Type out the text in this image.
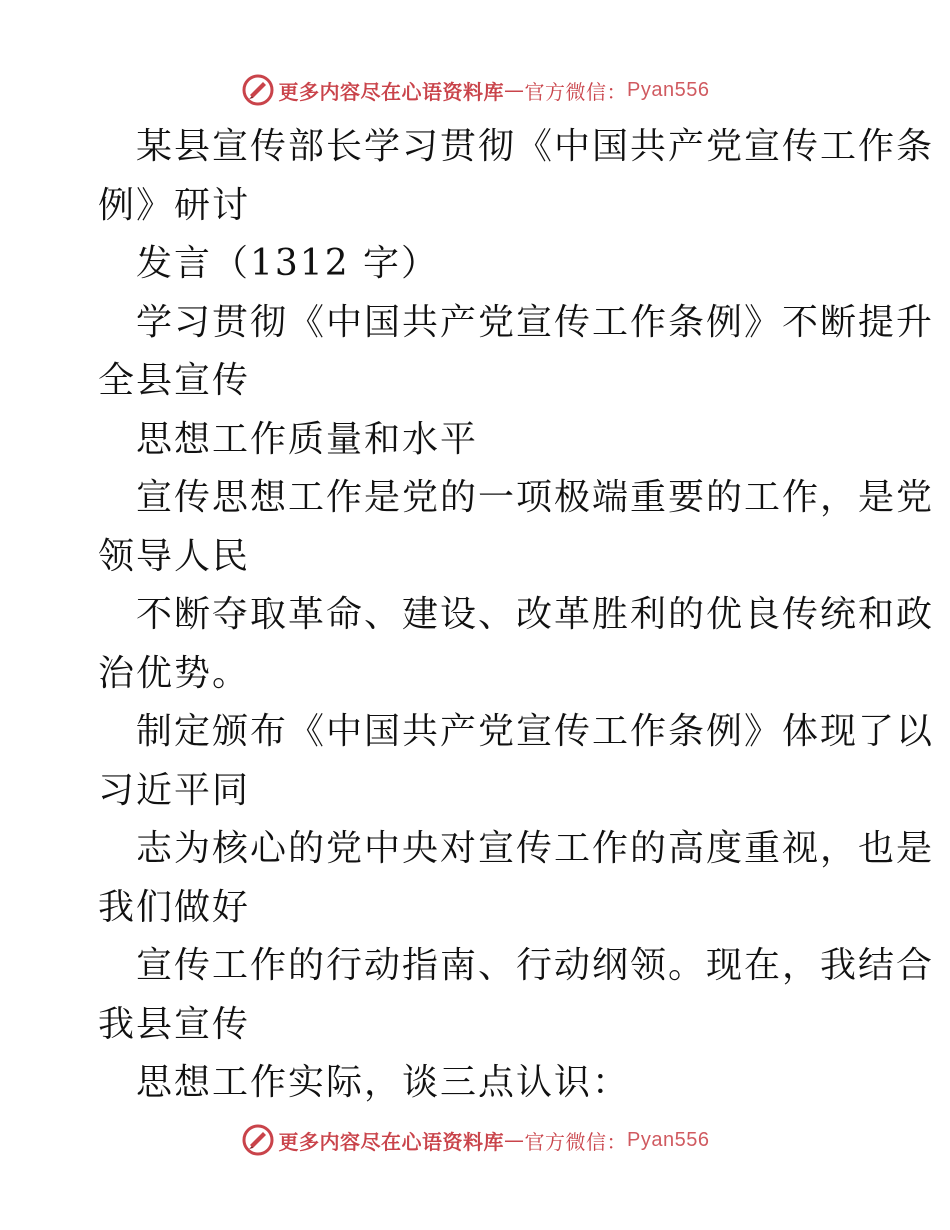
更多内容尽在心语资料库 — 官方微信： Pyan556
某县宣传部长学习贯彻《中国共产党宣传工作条
例》研讨
发言（1312 字）
学习贯彻《中国共产党宣传工作条例》不断提升
全县宣传
思想工作质量和水平
宣传思想工作是党的一项极端重要的工作，是党
领导人民
不断夺取革命、建设、改革胜利的优良传统和政
治优势。
制定颁布《中国共产党宣传工作条例》体现了以
习近平同
志为核心的党中央对宣传工作的高度重视，也是
我们做好
宣传工作的行动指南、行动纲领。现在，我结合
我县宣传
思想工作实际，谈三点认识：
更多内容尽在心语资料库 — 官方微信： Pyan556
